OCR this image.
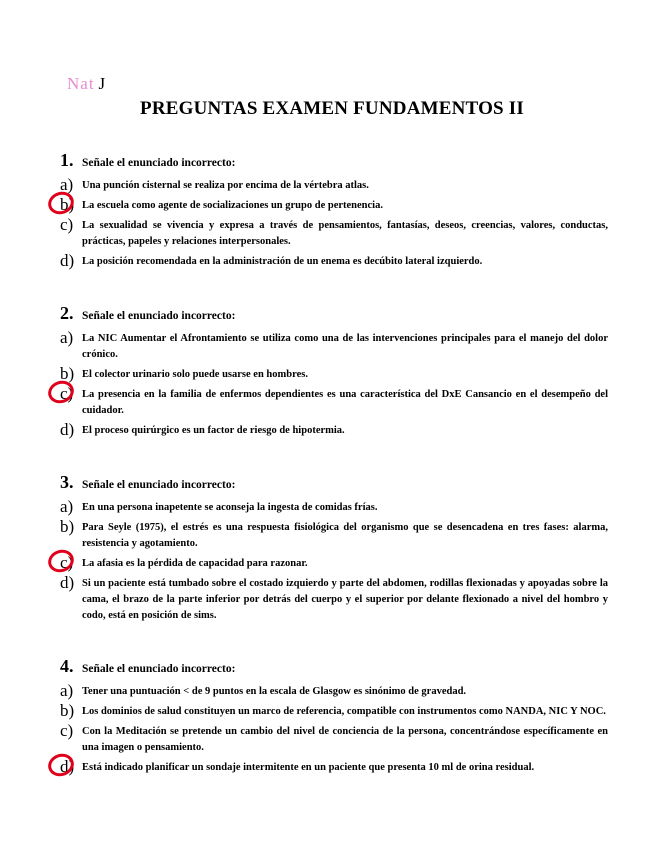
Nat J
PREGUNTAS EXAMEN FUNDAMENTOS II
1. Señale el enunciado incorrecto:
a) Una punción cisternal se realiza por encima de la vértebra atlas.
b) La escuela como agente de socializaciones un grupo de pertenencia.
c) La sexualidad se vivencia y expresa a través de pensamientos, fantasías, deseos, creencias, valores, conductas, prácticas, papeles y relaciones interpersonales.
d) La posición recomendada en la administración de un enema es decúbito lateral izquierdo.
2. Señale el enunciado incorrecto:
a) La NIC Aumentar el Afrontamiento se utiliza como una de las intervenciones principales para el manejo del dolor crónico.
b) El colector urinario solo puede usarse en hombres.
c) La presencia en la familia de enfermos dependientes es una característica del DxE Cansancio en el desempeño del cuidador.
d) El proceso quirúrgico es un factor de riesgo de hipotermia.
3. Señale el enunciado incorrecto:
a) En una persona inapetente se aconseja la ingesta de comidas frías.
b) Para Seyle (1975), el estrés es una respuesta fisiológica del organismo que se desencadena en tres fases: alarma, resistencia y agotamiento.
c) La afasia es la pérdida de capacidad para razonar.
d) Si un paciente está tumbado sobre el costado izquierdo y parte del abdomen, rodillas flexionadas y apoyadas sobre la cama, el brazo de la parte inferior por detrás del cuerpo y el superior por delante flexionado a nivel del hombro y codo, está en posición de sims.
4. Señale el enunciado incorrecto:
a) Tener una puntuación < de 9 puntos en la escala de Glasgow es sinónimo de gravedad.
b) Los dominios de salud constituyen un marco de referencia, compatible con instrumentos como NANDA, NIC Y NOC.
c) Con la Meditación se pretende un cambio del nivel de conciencia de la persona, concentrándose específicamente en una imagen o pensamiento.
d) Está indicado planificar un sondaje intermitente en un paciente que presenta 10 ml de orina residual.
